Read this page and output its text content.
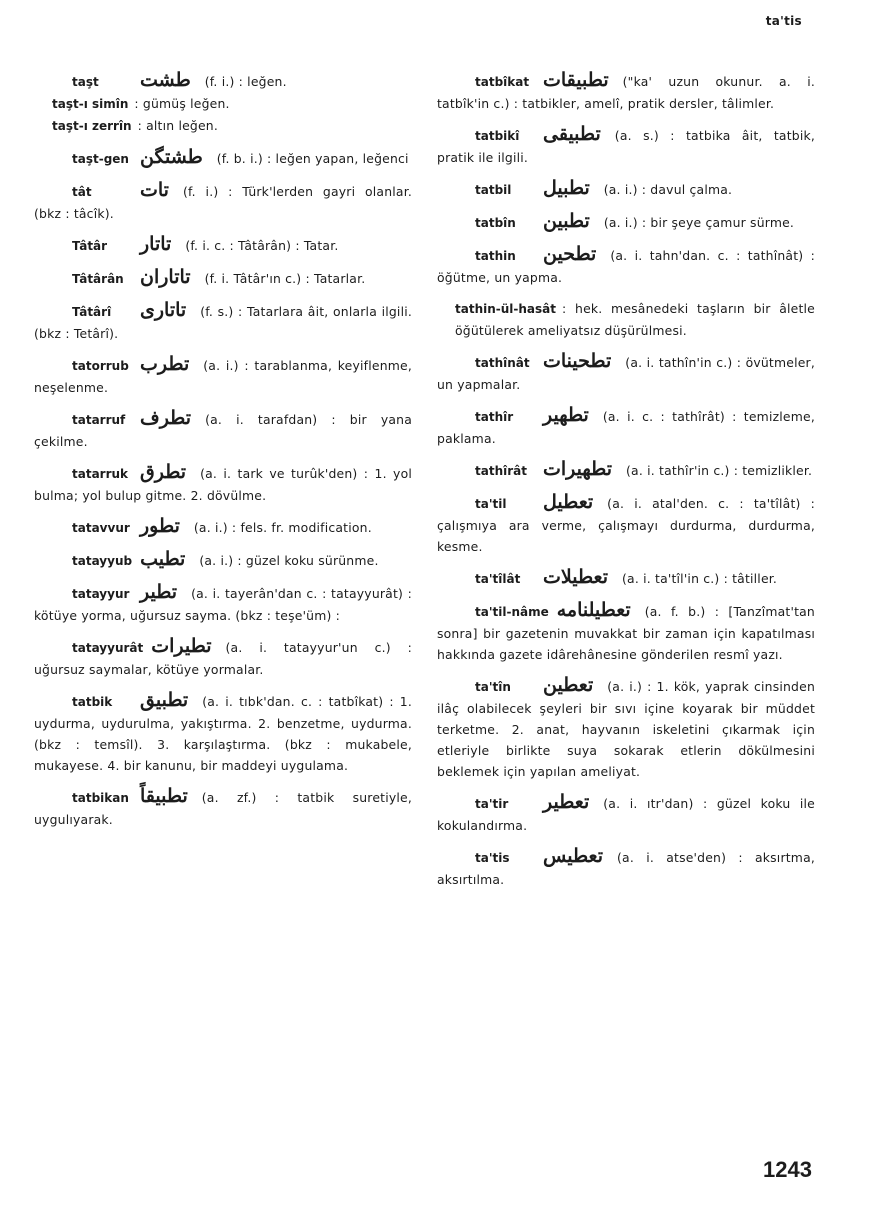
ta'tis
taşt طشت (f. i.) : leğen.
taşt-ı simîn : gümüş leğen.
taşt-ı zerrîn : altın leğen.
taşt-gen طشتگن (f. b. i.) : leğen yapan, leğenci
tât	تات (f. i.) : Türk'lerden gayri olanlar. (bkz : tâcîk).
Tâtâr تاتار (f. i. c. : Tâtârân) : Tatar.
Tâtârân تاتاران (f. i. Tâtâr'ın c.) : Tatarlar.
Tâtârî تاتاری (f. s.) : Tatarlara âit, onlarla ilgili. (bkz : Tetârî).
tatorrub تطرب (a. i.) : tarablanma, keyiflenme, neşelenme.
tatarruf تطرف (a. i. tarafdan) : bir yana çekilme.
tatarruk تطرق (a. i. tark ve turûk'den) : 1. yol bulma; yol bulup gitme. 2. dövülme.
tatavvur تطور (a. i.) : fels. fr. modification.
tatayyub تطيب (a. i.) : güzel koku sürünme.
tatayyur تطير (a. i. tayerân'dan c. : tatayyurât) : kötüye yorma, uğursuz sayma. (bkz : teşe'üm) :
tatayyurât تطيرات (a. i. tatayyur'un c.) : uğursuz saymalar, kötüye yormalar.
tatbik تطبيق (a. i. tıbk'dan. c. : tatbîkat) : 1. uydurma, uydurulma, yakıştırma. 2. benzetme, uydurma. (bkz : temsîl). 3. karşılaştırma. (bkz : mukabele, mukayese. 4. bir kanunu, bir maddeyi uygulama.
tatbikan تطبيقاً (a. zf.) : tatbik suretiyle, uygulıyarak.
tatbîkat تطبيقات ("ka' uzun okunur. a. i. tatbîk'in c.) : tatbikler, amelî, pratik dersler, tâlimler.
tatbikî تطبيقى (a. s.) : tatbika âit, tatbik, pratik ile ilgili.
tatbil تطبيل (a. i.) : davul çalma.
tatbîn تطبين (a. i.) : bir şeye çamur sürme.
tathin تطحين (a. i. tahn'dan. c. : tathînât) : öğütme, un yapma.
tathin-ül-hasât : hek. mesânedeki taşların bir âletle öğütülerek ameliyatsız düşürülmesi.
tathînât تطحينات (a. i. tathîn'in c.) : övütmeler, un yapmalar.
tathîr تطهير (a. i. c. : tathîrât) : temizleme, paklama.
tathîrât تطهيرات (a. i. tathîr'in c.) : temizlikler.
ta'til تعطيل (a. i. atal'den. c. : ta'tîlât) : çalışmıya ara verme, çalışmayı durdurma, durdurma, kesme.
ta'tîlât تعطيلات (a. i. ta'tîl'in c.) : tâtiller.
ta'til-nâme تعطيلنامه (a. f. b.) : [Tanzîmat'tan sonra] bir gazetenin muvakkat bir zaman için kapatılması hakkında gazete idârehânesine gönderilen resmî yazı.
ta'tîn تعطين (a. i.) : 1. kök, yaprak cinsinden ilâç olabilecek şeyleri bir sıvı içine koyarak bir müddet terketme. 2. anat, hayvanın iskeletini çıkarmak için etleriyle birlikte suya sokarak etlerin dökülmesini beklemek için yapılan ameliyat.
ta'tir تعطير (a. i. ıtr'dan) : güzel koku ile kokulandırma.
ta'tis تعطيس (a. i. atse'den) : aksırtma, aksırtılma.
1243
